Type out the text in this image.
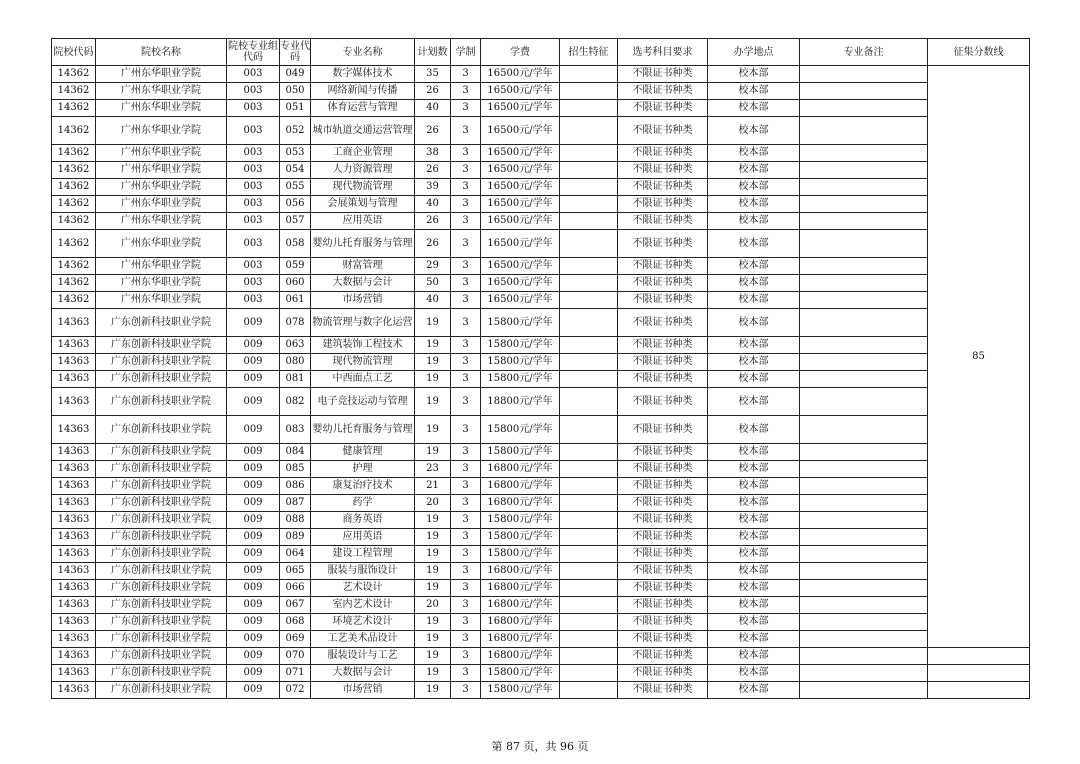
院校代码	院校名称	院校专业组代码	专业代码	专业名称	计划数	学制	学费	招生特征	选考科目要求	办学地点	专业备注	征集分数线
14362	广州东华职业学院	003	049	数字媒体技术	35	3	16500元/学年		不限证书种类	校本部		85
14362	广州东华职业学院	003	050	网络新闻与传播	26	3	16500元/学年		不限证书种类	校本部		
14362	广州东华职业学院	003	051	体育运营与管理	40	3	16500元/学年		不限证书种类	校本部		
14362	广州东华职业学院	003	052	城市轨道交通运营管理	26	3	16500元/学年		不限证书种类	校本部		
14362	广州东华职业学院	003	053	工商企业管理	38	3	16500元/学年		不限证书种类	校本部		
14362	广州东华职业学院	003	054	人力资源管理	26	3	16500元/学年		不限证书种类	校本部		
14362	广州东华职业学院	003	055	现代物流管理	39	3	16500元/学年		不限证书种类	校本部		
14362	广州东华职业学院	003	056	会展策划与管理	40	3	16500元/学年		不限证书种类	校本部		
14362	广州东华职业学院	003	057	应用英语	26	3	16500元/学年		不限证书种类	校本部		
14362	广州东华职业学院	003	058	婴幼儿托育服务与管理	26	3	16500元/学年		不限证书种类	校本部		
14362	广州东华职业学院	003	059	财富管理	29	3	16500元/学年		不限证书种类	校本部		
14362	广州东华职业学院	003	060	大数据与会计	50	3	16500元/学年		不限证书种类	校本部		
14362	广州东华职业学院	003	061	市场营销	40	3	16500元/学年		不限证书种类	校本部		
14363	广东创新科技职业学院	009	078	物流管理与数字化运营	19	3	15800元/学年		不限证书种类	校本部		
14363	广东创新科技职业学院	009	063	建筑装饰工程技术	19	3	15800元/学年		不限证书种类	校本部		
14363	广东创新科技职业学院	009	080	现代物流管理	19	3	15800元/学年		不限证书种类	校本部		
14363	广东创新科技职业学院	009	081	中西面点工艺	19	3	15800元/学年		不限证书种类	校本部		
14363	广东创新科技职业学院	009	082	电子竞技运动与管理	19	3	18800元/学年		不限证书种类	校本部		
14363	广东创新科技职业学院	009	083	婴幼儿托育服务与管理	19	3	15800元/学年		不限证书种类	校本部		
14363	广东创新科技职业学院	009	084	健康管理	19	3	15800元/学年		不限证书种类	校本部		
14363	广东创新科技职业学院	009	085	护理	23	3	16800元/学年		不限证书种类	校本部		
14363	广东创新科技职业学院	009	086	康复治疗技术	21	3	16800元/学年		不限证书种类	校本部		
14363	广东创新科技职业学院	009	087	药学	20	3	16800元/学年		不限证书种类	校本部		
14363	广东创新科技职业学院	009	088	商务英语	19	3	15800元/学年		不限证书种类	校本部		
14363	广东创新科技职业学院	009	089	应用英语	19	3	15800元/学年		不限证书种类	校本部		
14363	广东创新科技职业学院	009	064	建设工程管理	19	3	15800元/学年		不限证书种类	校本部		
14363	广东创新科技职业学院	009	065	服装与服饰设计	19	3	16800元/学年		不限证书种类	校本部		
14363	广东创新科技职业学院	009	066	艺术设计	19	3	16800元/学年		不限证书种类	校本部		
14363	广东创新科技职业学院	009	067	室内艺术设计	20	3	16800元/学年		不限证书种类	校本部		
14363	广东创新科技职业学院	009	068	环境艺术设计	19	3	16800元/学年		不限证书种类	校本部		
14363	广东创新科技职业学院	009	069	工艺美术品设计	19	3	16800元/学年		不限证书种类	校本部		
14363	广东创新科技职业学院	009	070	服装设计与工艺	19	3	16800元/学年		不限证书种类	校本部		
14363	广东创新科技职业学院	009	071	大数据与会计	19	3	15800元/学年		不限证书种类	校本部		
14363	广东创新科技职业学院	009	072	市场营销	19	3	15800元/学年		不限证书种类	校本部		
第 87 页，共 96 页
